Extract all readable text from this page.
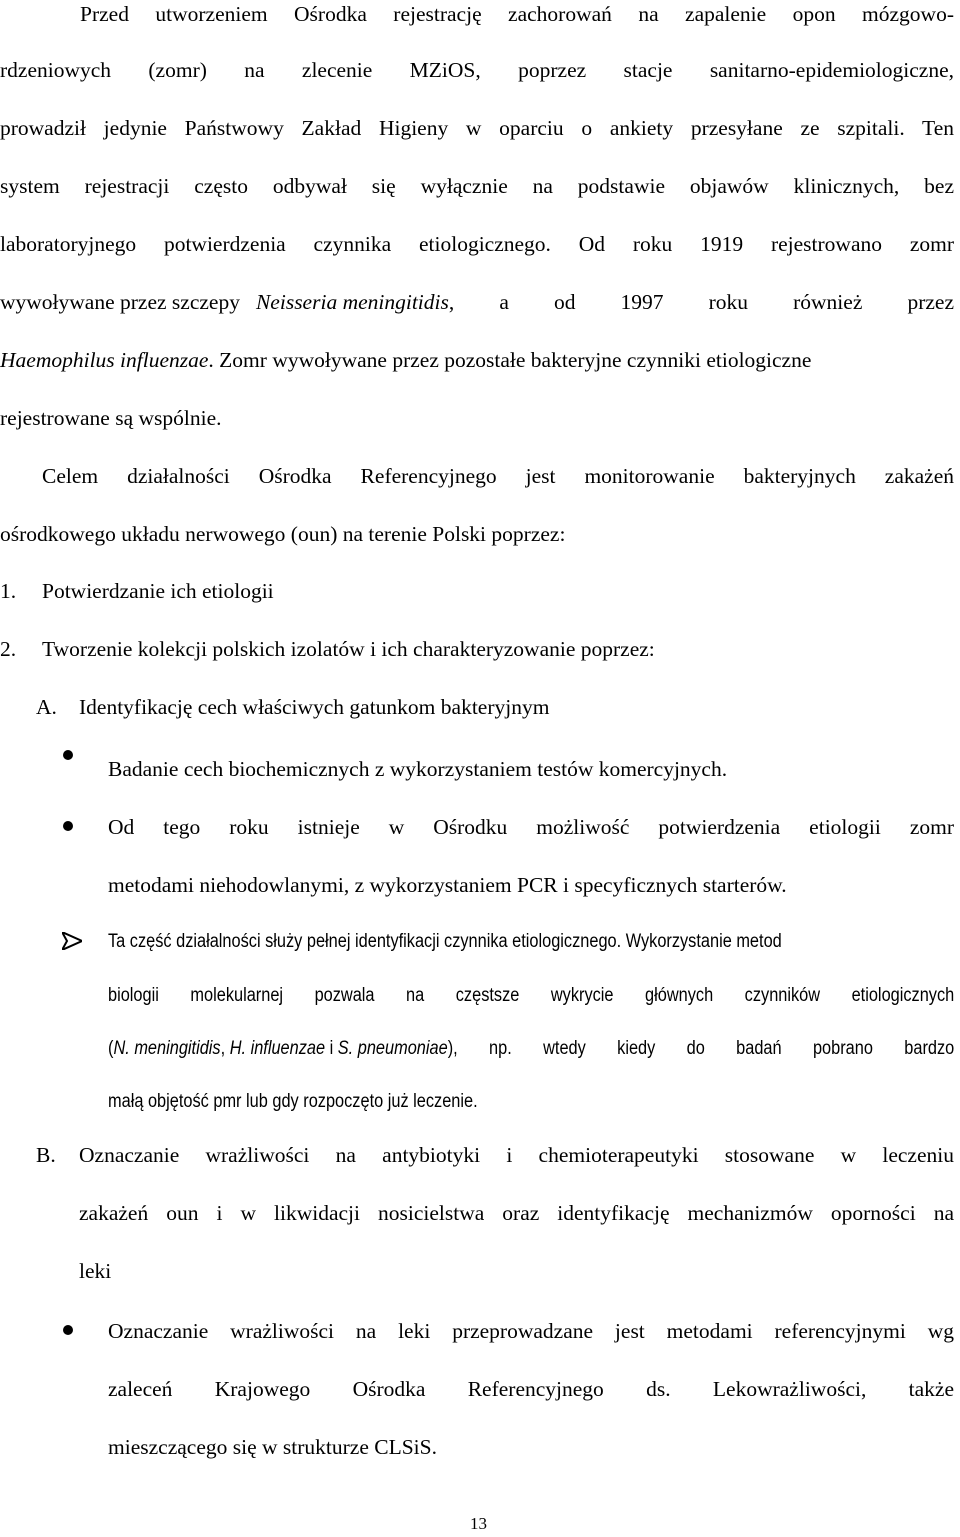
Przed utworzeniem Ośrodka rejestrację zachorowań na zapalenie opon mózgowo-
rdzeniowych (zomr) na zlecenie MZiOS, poprzez stacje sanitarno-epidemiologiczne,
prowadził jedynie Państwowy Zakład Higieny w oparciu o ankiety przesyłane ze szpitali. Ten
system rejestracji często odbywał się wyłącznie na podstawie objawów klinicznych, bez
laboratoryjnego potwierdzenia czynnika etiologicznego. Od roku 1919 rejestrowano zomr
wywoływane przez szczepy Neisseria meningitidis , a od 1997 roku również przez
Haemophilus influenzae. Zomr wywoływane przez pozostałe bakteryjne czynniki etiologiczne
rejestrowane są wspólnie.
Celem działalności Ośrodka Referencyjnego jest monitorowanie bakteryjnych zakażeń
ośrodkowego układu nerwowego (oun) na terenie Polski poprzez:
1. Potwierdzanie ich etiologii
2. Tworzenie kolekcji polskich izolatów i ich charakteryzowanie poprzez:
A. Identyfikację cech właściwych gatunkom bakteryjnym
Badanie cech biochemicznych z wykorzystaniem testów komercyjnych.
Od tego roku istnieje w Ośrodku możliwość potwierdzenia etiologii zomr
metodami niehodowlanymi, z wykorzystaniem PCR i specyficznych starterów.
Ta część działalności służy pełnej identyfikacji czynnika etiologicznego. Wykorzystanie metod
biologii molekularnej pozwala na częstsze wykrycie głównych czynników etiologicznych
( N. meningitidis , H. influenzae i S. pneumoniae ), np. wtedy kiedy do badań pobrano bardzo
małą objętość pmr lub gdy rozpoczęto już leczenie.
B. Oznaczanie wrażliwości na antybiotyki i chemioterapeutyki stosowane w leczeniu
zakażeń oun i w likwidacji nosicielstwa oraz identyfikację mechanizmów oporności na
leki
Oznaczanie wrażliwości na leki przeprowadzane jest metodami referencyjnymi wg
zaleceń Krajowego Ośrodka Referencyjnego ds. Lekowrażliwości, także
mieszczącego się w strukturze CLSiS.
13
